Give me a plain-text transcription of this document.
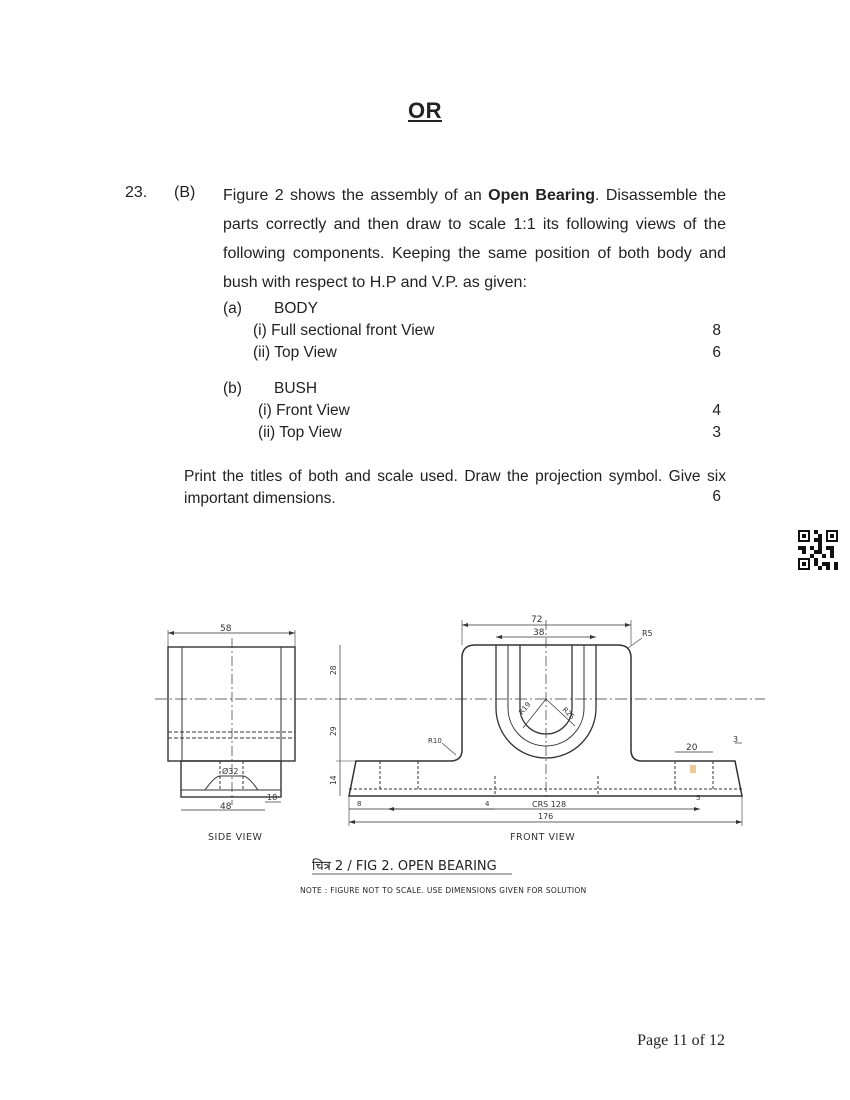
OR
23. (B) Figure 2 shows the assembly of an Open Bearing. Disassemble the parts correctly and then draw to scale 1:1 its following views of the following components. Keeping the same position of both body and bush with respect to H.P and V.P. as given:
(a) BODY
(i) Full sectional front View	8
(ii) Top View	6
(b) BUSH
(i) Front View	4
(ii) Top View	3
Print the titles of both and scale used. Draw the projection symbol. Give six important dimensions.	6
58
48
18
Ø32
SIDE VIEW
72
38	R5
R10
R19	R25
20
3
8	4
5
CRS 128
176
28
29
14
FRONT VIEW
चित्र 2 / FIG 2. OPEN BEARING
NOTE : FIGURE NOT TO SCALE. USE DIMENSIONS GIVEN FOR SOLUTION
Page 11 of 12
